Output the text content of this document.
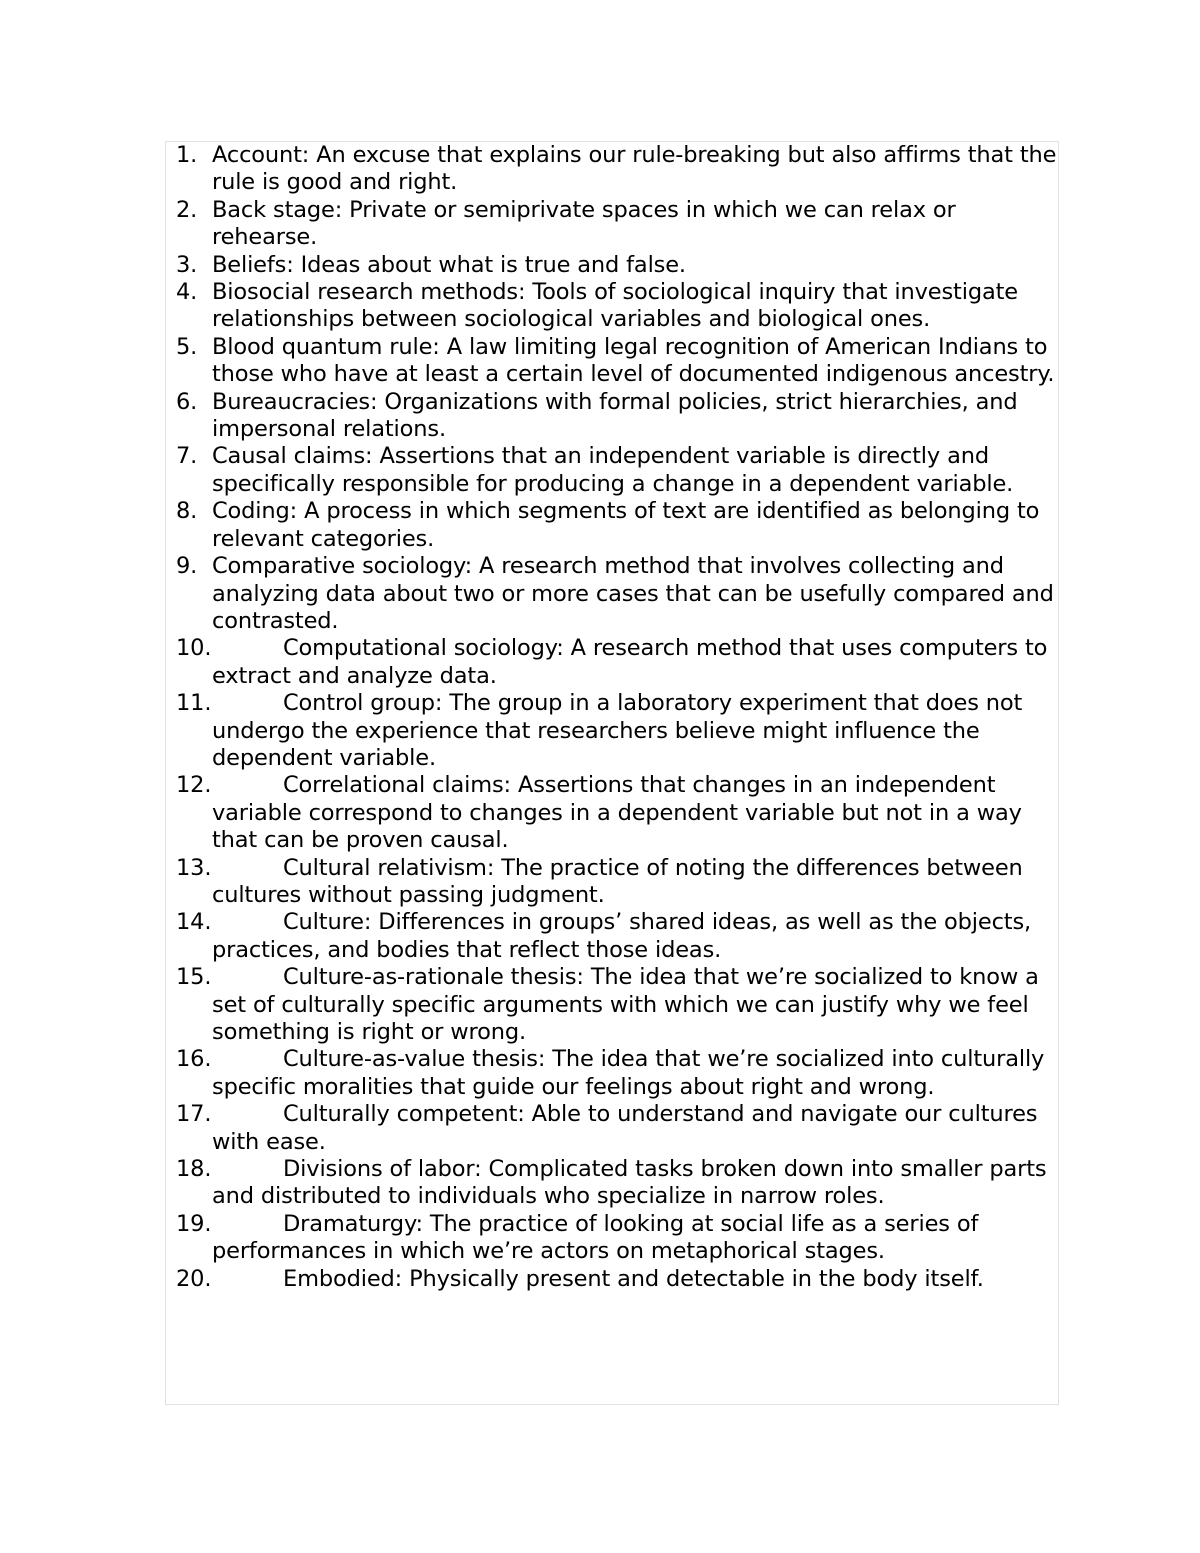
1. Account: An excuse that explains our rule-breaking but also affirms that the rule is good and right.
2. Back stage: Private or semiprivate spaces in which we can relax or rehearse.
3. Beliefs: Ideas about what is true and false.
4. Biosocial research methods: Tools of sociological inquiry that investigate relationships between sociological variables and biological ones.
5. Blood quantum rule: A law limiting legal recognition of American Indians to those who have at least a certain level of documented indigenous ancestry.
6. Bureaucracies: Organizations with formal policies, strict hierarchies, and impersonal relations.
7. Causal claims: Assertions that an independent variable is directly and specifically responsible for producing a change in a dependent variable.
8. Coding: A process in which segments of text are identified as belonging to relevant categories.
9. Comparative sociology: A research method that involves collecting and analyzing data about two or more cases that can be usefully compared and contrasted.
10.	Computational sociology: A research method that uses computers to extract and analyze data.
11.	Control group: The group in a laboratory experiment that does not undergo the experience that researchers believe might influence the dependent variable.
12.	Correlational claims: Assertions that changes in an independent variable correspond to changes in a dependent variable but not in a way that can be proven causal.
13.	Cultural relativism: The practice of noting the differences between cultures without passing judgment.
14.	Culture: Differences in groups’ shared ideas, as well as the objects, practices, and bodies that reflect those ideas.
15.	Culture-as-rationale thesis: The idea that we’re socialized to know a set of culturally specific arguments with which we can justify why we feel something is right or wrong.
16.	Culture-as-value thesis: The idea that we’re socialized into culturally specific moralities that guide our feelings about right and wrong.
17.	Culturally competent: Able to understand and navigate our cultures with ease.
18.	Divisions of labor: Complicated tasks broken down into smaller parts and distributed to individuals who specialize in narrow roles.
19.	Dramaturgy: The practice of looking at social life as a series of performances in which we’re actors on metaphorical stages.
20.	Embodied: Physically present and detectable in the body itself.
